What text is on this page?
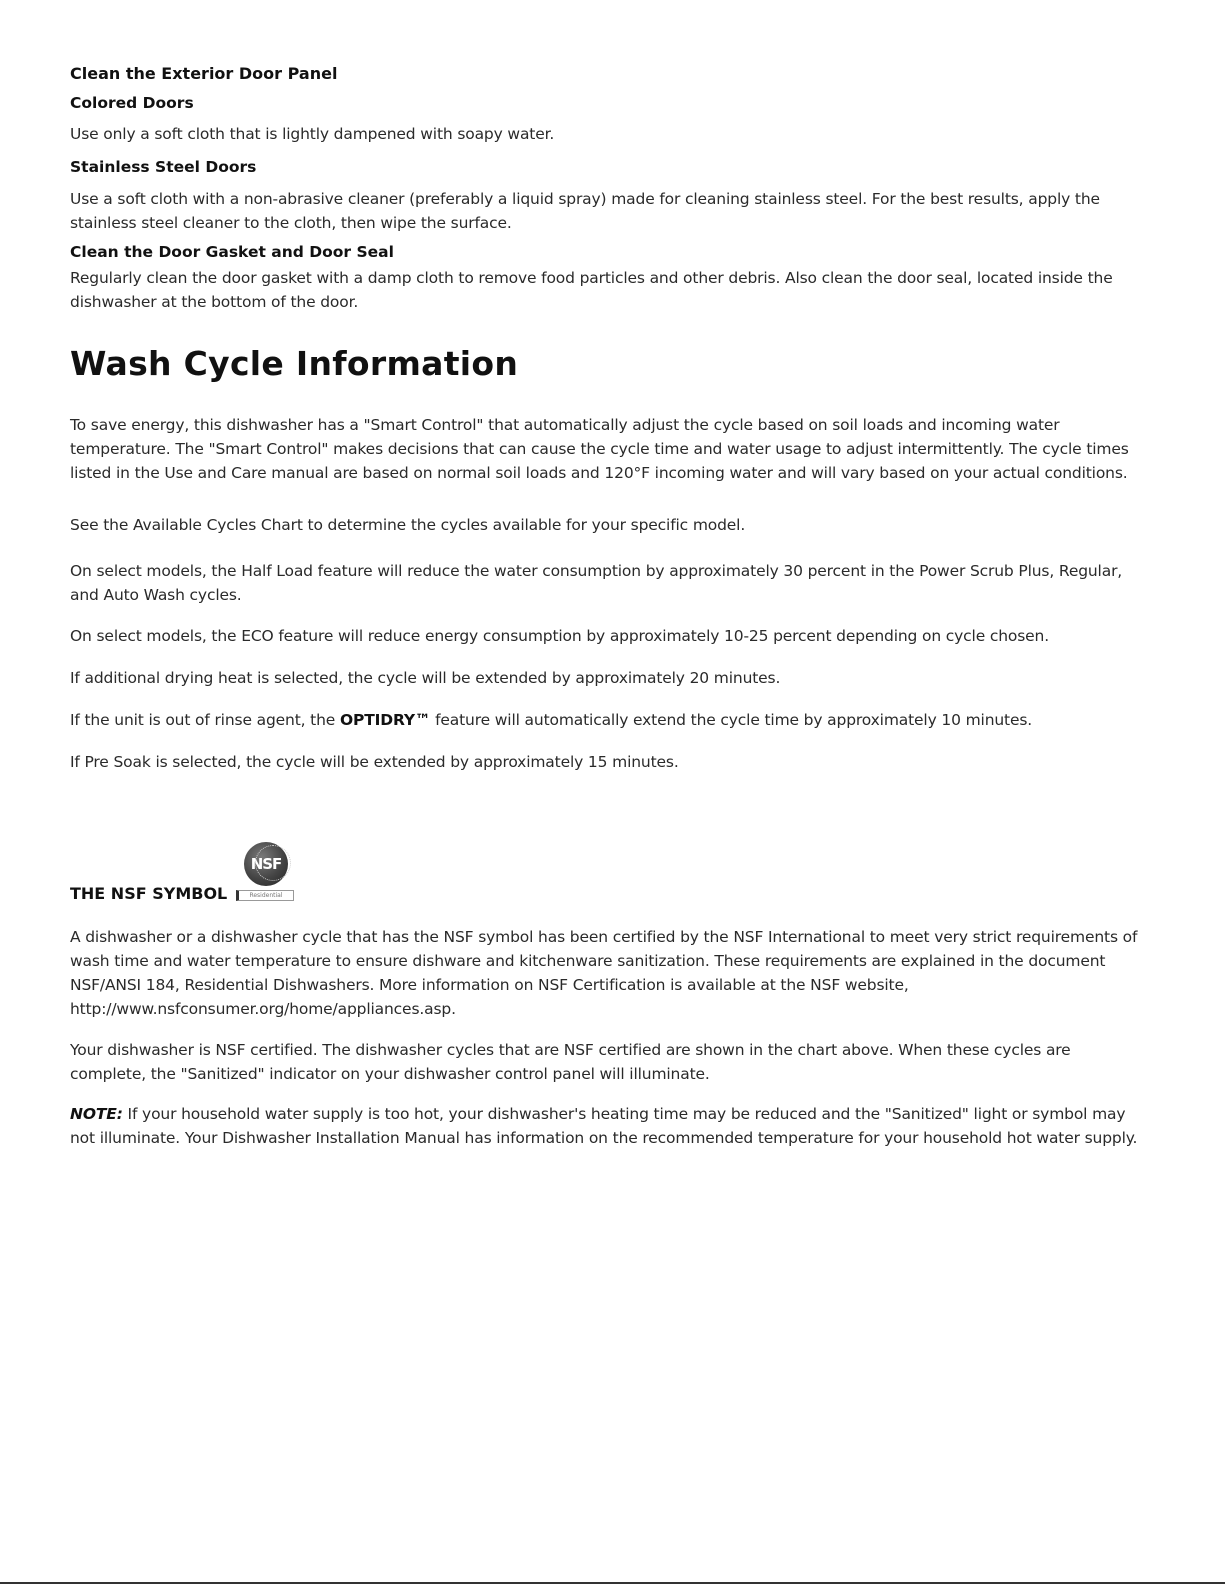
Clean the Exterior Door Panel
Colored Doors

Use only a soft cloth that is lightly dampened with soapy water.

Stainless Steel Doors

Use a soft cloth with a non-abrasive cleaner (preferably a liquid spray) made for cleaning stainless steel. For the best results, apply the stainless steel cleaner to the cloth, then wipe the surface.

Clean the Door Gasket and Door Seal

Regularly clean the door gasket with a damp cloth to remove food particles and other debris. Also clean the door seal, located inside the dishwasher at the bottom of the door.

Wash Cycle Information

To save energy, this dishwasher has a "Smart Control" that automatically adjust the cycle based on soil loads and incoming water temperature. The "Smart Control" makes decisions that can cause the cycle time and water usage to adjust intermittently. The cycle times listed in the Use and Care manual are based on normal soil loads and 120°F incoming water and will vary based on your actual conditions.

See the Available Cycles Chart to determine the cycles available for your specific model.

On select models, the Half Load feature will reduce the water consumption by approximately 30 percent in the Power Scrub Plus, Regular, and Auto Wash cycles.

On select models, the ECO feature will reduce energy consumption by approximately 10-25 percent depending on cycle chosen.

If additional drying heat is selected, the cycle will be extended by approximately 20 minutes.

If the unit is out of rinse agent, the OPTIDRY™ feature will automatically extend the cycle time by approximately 10 minutes.

If Pre Soak is selected, the cycle will be extended by approximately 15 minutes.

THE NSF SYMBOL

A dishwasher or a dishwasher cycle that has the NSF symbol has been certified by the NSF International to meet very strict requirements of wash time and water temperature to ensure dishware and kitchenware sanitization. These requirements are explained in the document NSF/ANSI 184, Residential Dishwashers. More information on NSF Certification is available at the NSF website, http://www.nsfconsumer.org/home/appliances.asp.

Your dishwasher is NSF certified. The dishwasher cycles that are NSF certified are shown in the chart above. When these cycles are complete, the "Sanitized" indicator on your dishwasher control panel will illuminate.

NOTE: If your household water supply is too hot, your dishwasher's heating time may be reduced and the "Sanitized" light or symbol may not illuminate. Your Dishwasher Installation Manual has information on the recommended temperature for your household hot water supply.

NSF
Residential
